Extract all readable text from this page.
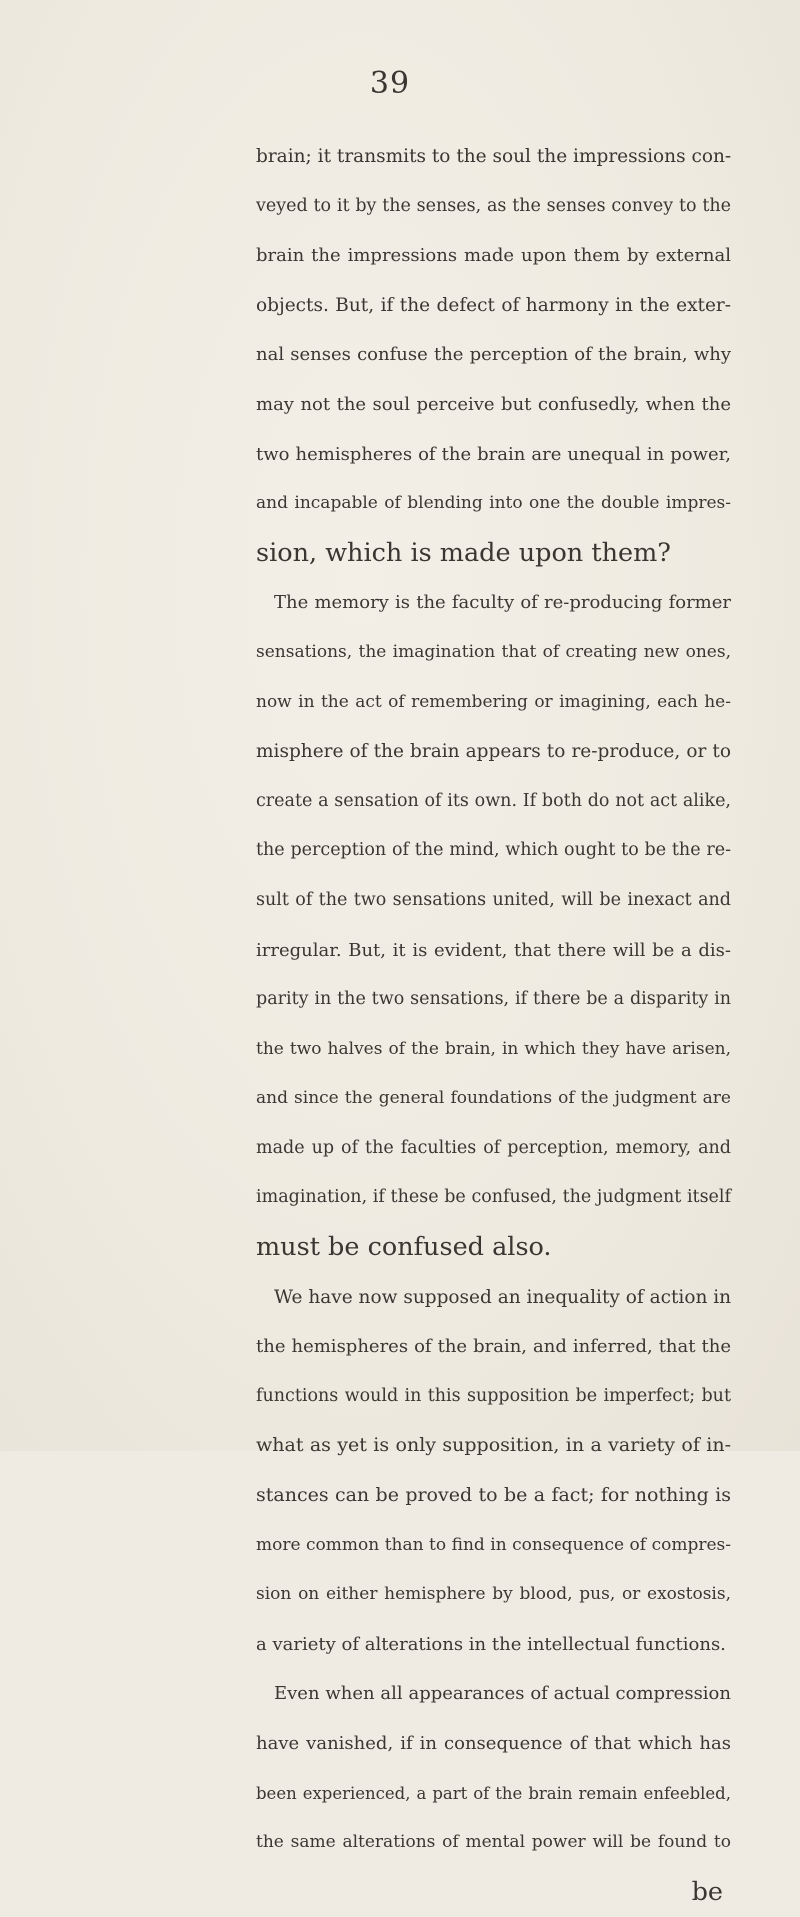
39
brain; it transmits to the soul the impressions con-
veyed to it by the senses, as the senses convey to the
brain the impressions made upon them by external
objects. But, if the defect of harmony in the exter-
nal senses confuse the perception of the brain, why
may not the soul perceive but confusedly, when the
two hemispheres of the brain are unequal in power,
and incapable of blending into one the double impres-
sion, which is made upon them?
The memory is the faculty of re-producing former
sensations, the imagination that of creating new ones,
now in the act of remembering or imagining, each he-
misphere of the brain appears to re-produce, or to
create a sensation of its own. If both do not act alike,
the perception of the mind, which ought to be the re-
sult of the two sensations united, will be inexact and
irregular. But, it is evident, that there will be a dis-
parity in the two sensations, if there be a disparity in
the two halves of the brain, in which they have arisen,
and since the general foundations of the judgment are
made up of the faculties of perception, memory, and
imagination, if these be confused, the judgment itself
must be confused also.
We have now supposed an inequality of action in
the hemispheres of the brain, and inferred, that the
functions would in this supposition be imperfect; but
what as yet is only supposition, in a variety of in-
stances can be proved to be a fact; for nothing is
more common than to find in consequence of compres-
sion on either hemisphere by blood, pus, or exostosis,
a variety of alterations in the intellectual functions.
Even when all appearances of actual compression
have vanished, if in consequence of that which has
been experienced, a part of the brain remain enfeebled,
the same alterations of mental power will be found to
be
